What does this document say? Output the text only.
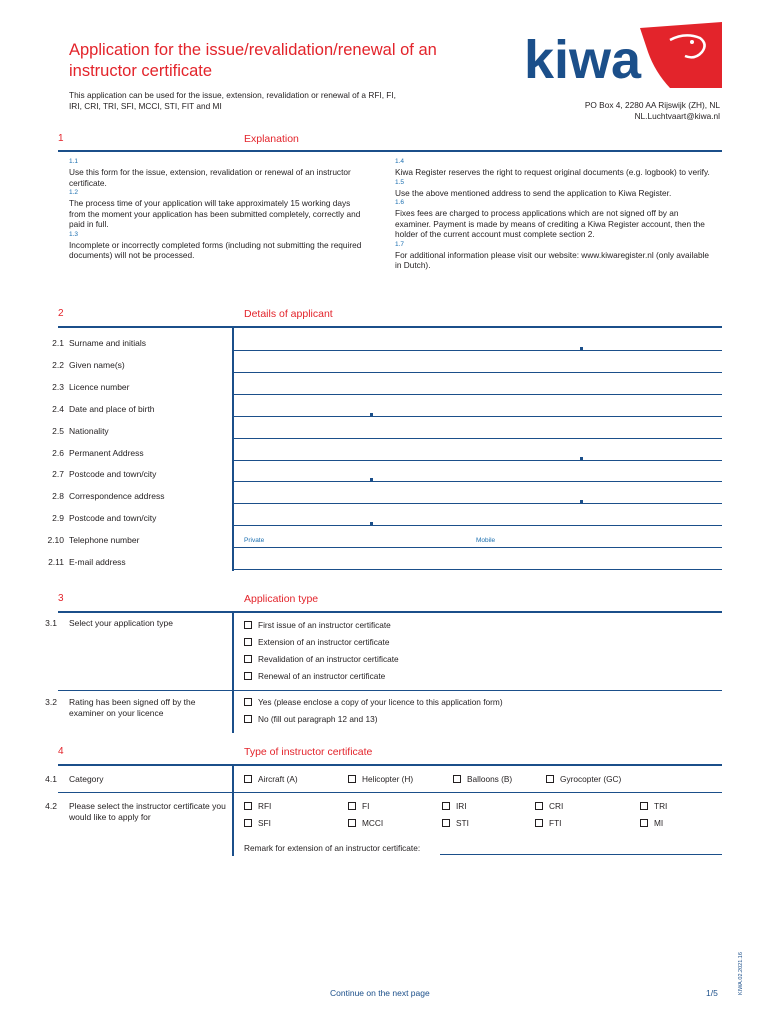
Application for the issue/revalidation/renewal of an instructor certificate
This application can be used for the issue, extension, revalidation or renewal of a RFI, FI, IRI, CRI, TRI, SFI, MCCI, STI, FIT and MI
kiwa
PO Box 4, 2280 AA Rijswijk (ZH), NL
NL.Luchtvaart@kiwa.nl
1	Explanation
1.1
Use this form for the issue, extension, revalidation or renewal of an instructor certificate.
1.2
The process time of your application will take approximately 15 working days from the moment your application has been submitted completely, correctly and paid in full.
1.3
Incomplete or incorrectly completed forms (including not submitting the required documents) will not be processed.
1.4
Kiwa Register reserves the right to request original documents (e.g. logbook) to verify.
1.5
Use the above mentioned address to send the application to Kiwa Register.
1.6
Fixes fees are charged to process applications which are not signed off by an examiner. Payment is made by means of crediting a Kiwa Register account, then the holder of the current account must complete section 2.
1.7
For additional information please visit our website: www.kiwaregister.nl (only available in Dutch).
2	Details of applicant
2.1 Surname and initials
2.2 Given name(s)
2.3 Licence number
2.4 Date and place of birth
2.5 Nationality
2.6 Permanent Address
2.7 Postcode and town/city
2.8 Correspondence address
2.9 Postcode and town/city
2.10 Telephone number
2.11 E-mail address
Private	Mobile
3	Application type
3.1 Select your application type	First issue of an instructor certificate
Extension of an instructor certificate
Revalidation of an instructor certificate
Renewal of an instructor certificate
3.2 Rating has been signed off by the examiner on your licence
Yes (please enclose a copy of your licence to this application form)
No (fill out paragraph 12 and 13)
4	Type of instructor certificate
4.1 Category	Aircraft (A)	Helicopter (H)	Balloons (B)	Gyrocopter (GC)
4.2 Please select the instructor certificate you would like to apply for
RFI	FI	IRI	CRI	TRI
SFI	MCCI	STI	FTI	MI
Remark for extension of an instructor certificate:
Continue on the next page	1/5	KIWA.02.2021.16
